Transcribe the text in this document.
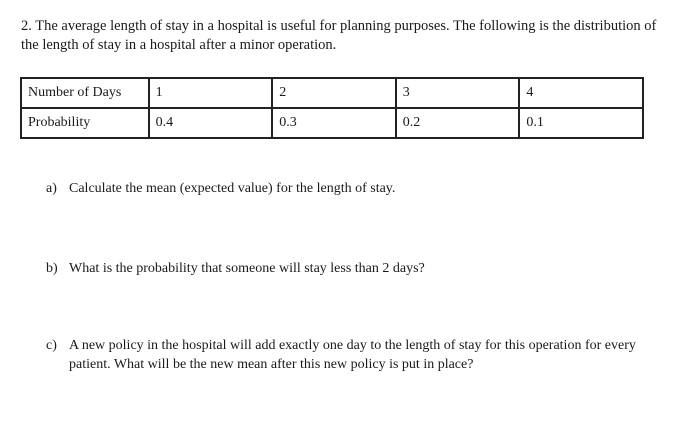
2. The average length of stay in a hospital is useful for planning purposes. The following is the distribution of the length of stay in a hospital after a minor operation.
Number of Days	1	2	3	4
Probability	0.4	0.3	0.2	0.1
a) Calculate the mean (expected value) for the length of stay.
b) What is the probability that someone will stay less than 2 days?
c) A new policy in the hospital will add exactly one day to the length of stay for this operation for every patient. What will be the new mean after this new policy is put in place?
